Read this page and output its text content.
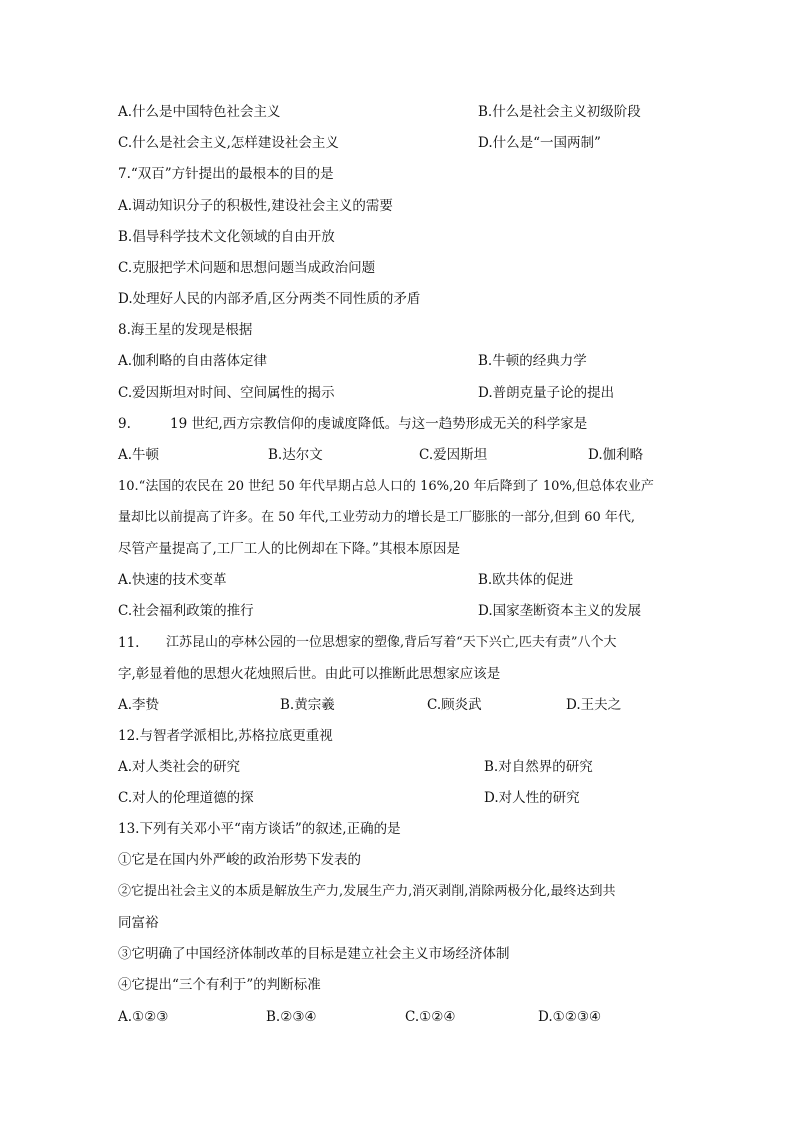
A.什么是中国特色社会主义	B.什么是社会主义初级阶段
C.什么是社会主义,怎样建设社会主义	D.什么是“一国两制”
7.“双百”方针提出的最根本的目的是
A.调动知识分子的积极性,建设社会主义的需要
B.倡导科学技术文化领域的自由开放
C.克服把学术问题和思想问题当成政治问题
D.处理好人民的内部矛盾,区分两类不同性质的矛盾
8.海王星的发现是根据
A.伽利略的自由落体定律	B.牛顿的经典力学
C.爱因斯坦对时间、空间属性的揭示	D.普朗克量子论的提出
9.	19 世纪,西方宗教信仰的虔诚度降低。与这一趋势形成无关的科学家是
A.牛顿	B.达尔文	C.爱因斯坦	D.伽利略
10.“法国的农民在 20 世纪 50 年代早期占总人口的 16%,20 年后降到了 10%,但总体农业产
量却比以前提高了许多。在 50 年代,工业劳动力的增长是工厂膨胀的一部分,但到 60 年代,
尽管产量提高了,工厂工人的比例却在下降。”其根本原因是
A.快速的技术变革	B.欧共体的促进
C.社会福利政策的推行	D.国家垄断资本主义的发展
11. 江苏昆山的亭林公园的一位思想家的塑像,背后写着“天下兴亡,匹夫有责”八个大
字,彰显着他的思想火花烛照后世。由此可以推断此思想家应该是
A.李贽	B.黄宗羲	C.顾炎武	D.王夫之
12.与智者学派相比,苏格拉底更重视
A.对人类社会的研究	B.对自然界的研究
C.对人的伦理道德的探	D.对人性的研究
13.下列有关邓小平“南方谈话”的叙述,正确的是
①它是在国内外严峻的政治形势下发表的
②它提出社会主义的本质是解放生产力,发展生产力,消灭剥削,消除两极分化,最终达到共
同富裕
③它明确了中国经济体制改革的目标是建立社会主义市场经济体制
④它提出“三个有利于”的判断标准
A.①②③	B.②③④	C.①②④	D.①②③④
